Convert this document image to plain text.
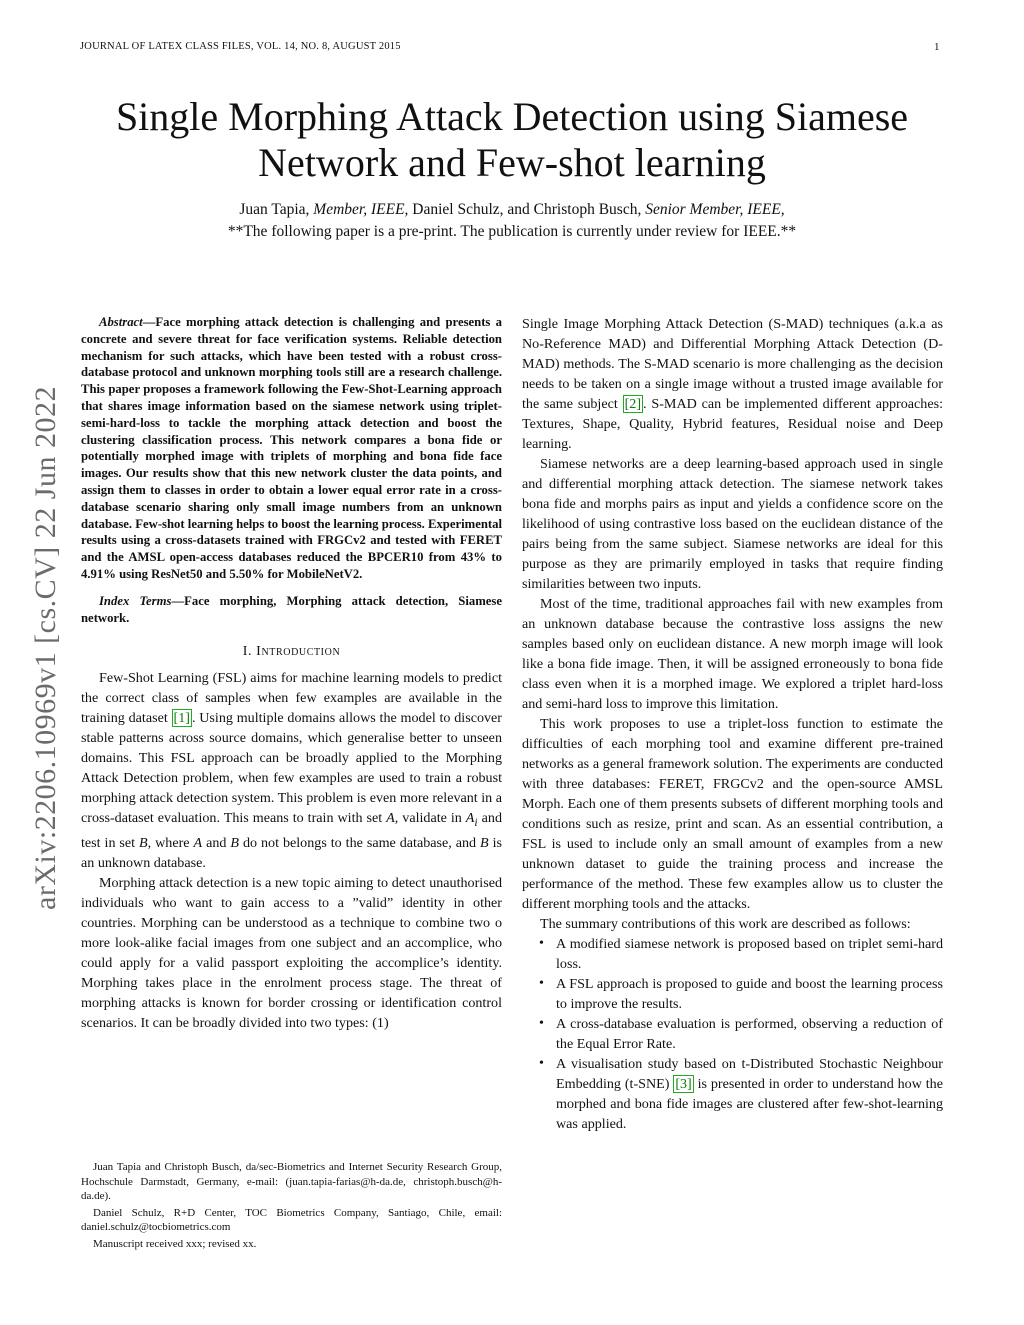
JOURNAL OF LATEX CLASS FILES, VOL. 14, NO. 8, AUGUST 2015	1
Single Morphing Attack Detection using Siamese
Network and Few-shot learning
Juan Tapia, Member, IEEE, Daniel Schulz, and Christoph Busch, Senior Member, IEEE,
**The following paper is a pre-print. The publication is currently under review for IEEE.**
arXiv:2206.10969v1 [cs.CV] 22 Jun 2022

Abstract—Face morphing attack detection is challenging and presents a concrete and severe threat for face verification systems. Reliable detection mechanism for such attacks, which have been tested with a robust cross-database protocol and unknown morphing tools still are a research challenge. This paper proposes a framework following the Few-Shot-Learning approach that shares image information based on the siamese network using triplet-semi-hard-loss to tackle the morphing attack detection and boost the clustering classification process. This network compares a bona fide or potentially morphed image with triplets of morphing and bona fide face images. Our results show that this new network cluster the data points, and assign them to classes in order to obtain a lower equal error rate in a cross-database scenario sharing only small image numbers from an unknown database. Few-shot learning helps to boost the learning process. Experimental results using a cross-datasets trained with FRGCv2 and tested with FERET and the AMSL open-access databases reduced the BPCER10 from 43% to 4.91% using ResNet50 and 5.50% for MobileNetV2.

Index Terms—Face morphing, Morphing attack detection, Siamese network.

I. Introduction

Few-Shot Learning (FSL) aims for machine learning models to predict the correct class of samples when few examples are available in the training dataset [1] . Using multiple domains allows the model to discover stable patterns across source domains, which generalise better to unseen domains. This FSL approach can be broadly applied to the Morphing Attack Detection problem, when few examples are used to train a robust morphing attack detection system. This problem is even more relevant in a cross-dataset evaluation. This means to train with set A, validate in $A_i$ and test in set B, where A and B do not belongs to the same database, and B is an unknown database.

Morphing attack detection is a new topic aiming to detect unauthorised individuals who want to gain access to a ”valid” identity in other countries. Morphing can be understood as a technique to combine two o more look-alike facial images from one subject and an accomplice, who could apply for a valid passport exploiting the accomplice’s identity. Morphing takes place in the enrolment process stage. The threat of morphing attacks is known for border crossing or identification control scenarios. It can be broadly divided into two types: (1)

Juan Tapia and Christoph Busch, da/sec-Biometrics and Internet Security Research Group, Hochschule Darmstadt, Germany, e-mail: (juan.tapia-farias@h-da.de, christoph.busch@h-da.de).

Daniel Schulz, R+D Center, TOC Biometrics Company, Santiago, Chile, email: daniel.schulz@tocbiometrics.com

Manuscript received xxx; revised xx.

Single Image Morphing Attack Detection (S-MAD) techniques (a.k.a as No-Reference MAD) and Differential Morphing Attack Detection (D-MAD) methods. The S-MAD scenario is more challenging as the decision needs to be taken on a single image without a trusted image available for the same subject [2] . S-MAD can be implemented different approaches: Textures, Shape, Quality, Hybrid features, Residual noise and Deep learning.

Siamese networks are a deep learning-based approach used in single and differential morphing attack detection. The siamese network takes bona fide and morphs pairs as input and yields a confidence score on the likelihood of using contrastive loss based on the euclidean distance of the pairs being from the same subject. Siamese networks are ideal for this purpose as they are primarily employed in tasks that require finding similarities between two inputs.

Most of the time, traditional approaches fail with new examples from an unknown database because the contrastive loss assigns the new samples based only on euclidean distance. A new morph image will look like a bona fide image. Then, it will be assigned erroneously to bona fide class even when it is a morphed image. We explored a triplet hard-loss and semi-hard loss to improve this limitation.

This work proposes to use a triplet-loss function to estimate the difficulties of each morphing tool and examine different pre-trained networks as a general framework solution. The experiments are conducted with three databases: FERET, FRGCv2 and the open-source AMSL Morph. Each one of them presents subsets of different morphing tools and conditions such as resize, print and scan. As an essential contribution, a FSL is used to include only an small amount of examples from a new unknown dataset to guide the training process and increase the performance of the method. These few examples allow us to cluster the different morphing tools and the attacks.

The summary contributions of this work are described as follows:

• A modified siamese network is proposed based on triplet semi-hard loss.
• A FSL approach is proposed to guide and boost the learning process to improve the results.
• A cross-database evaluation is performed, observing a reduction of the Equal Error Rate.
• A visualisation study based on t-Distributed Stochastic Neighbour Embedding (t-SNE) [3] is presented in order to understand how the morphed and bona fide images are clustered after few-shot-learning was applied.
